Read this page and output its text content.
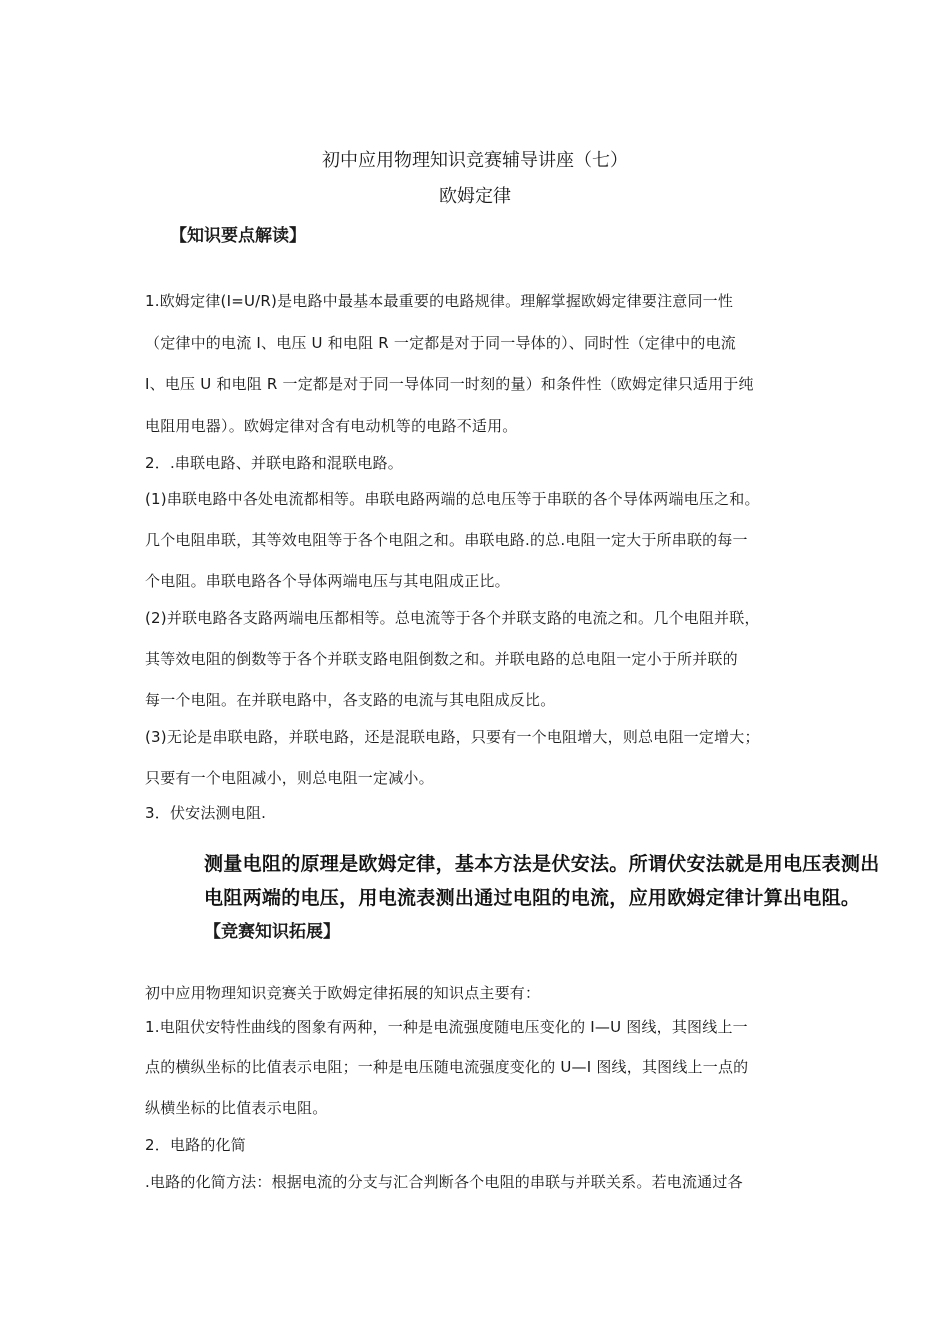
初中应用物理知识竞赛辅导讲座（七）
欧姆定律
【知识要点解读】
1.欧姆定律(I=U/R)是电路中最基本最重要的电路规律。理解掌握欧姆定律要注意同一性
（定律中的电流 I、电压 U 和电阻 R 一定都是对于同一导体的）、同时性（定律中的电流
I、电压 U 和电阻 R 一定都是对于同一导体同一时刻的量）和条件性（欧姆定律只适用于纯
电阻用电器）。欧姆定律对含有电动机等的电路不适用。
2．.串联电路、并联电路和混联电路。
(1)串联电路中各处电流都相等。串联电路两端的总电压等于串联的各个导体两端电压之和。
几个电阻串联，其等效电阻等于各个电阻之和。串联电路.的总.电阻一定大于所串联的每一
个电阻。串联电路各个导体两端电压与其电阻成正比。
(2)并联电路各支路两端电压都相等。总电流等于各个并联支路的电流之和。几个电阻并联，
其等效电阻的倒数等于各个并联支路电阻倒数之和。并联电路的总电阻一定小于所并联的
每一个电阻。在并联电路中，各支路的电流与其电阻成反比。
(3)无论是串联电路，并联电路，还是混联电路，只要有一个电阻增大，则总电阻一定增大；
只要有一个电阻减小，则总电阻一定减小。
3．伏安法测电阻.
测量电阻的原理是欧姆定律，基本方法是伏安法。所谓伏安法就是用电压表测出
电阻两端的电压，用电流表测出通过电阻的电流，应用欧姆定律计算出电阻。
【竞赛知识拓展】
初中应用物理知识竞赛关于欧姆定律拓展的知识点主要有：
1.电阻伏安特性曲线的图象有两种，一种是电流强度随电压变化的 I—U 图线，其图线上一
点的横纵坐标的比值表示电阻；一种是电压随电流强度变化的 U—I 图线，其图线上一点的
纵横坐标的比值表示电阻。
2．电路的化简
.电路的化简方法：根据电流的分支与汇合判断各个电阻的串联与并联关系。若电流通过各
